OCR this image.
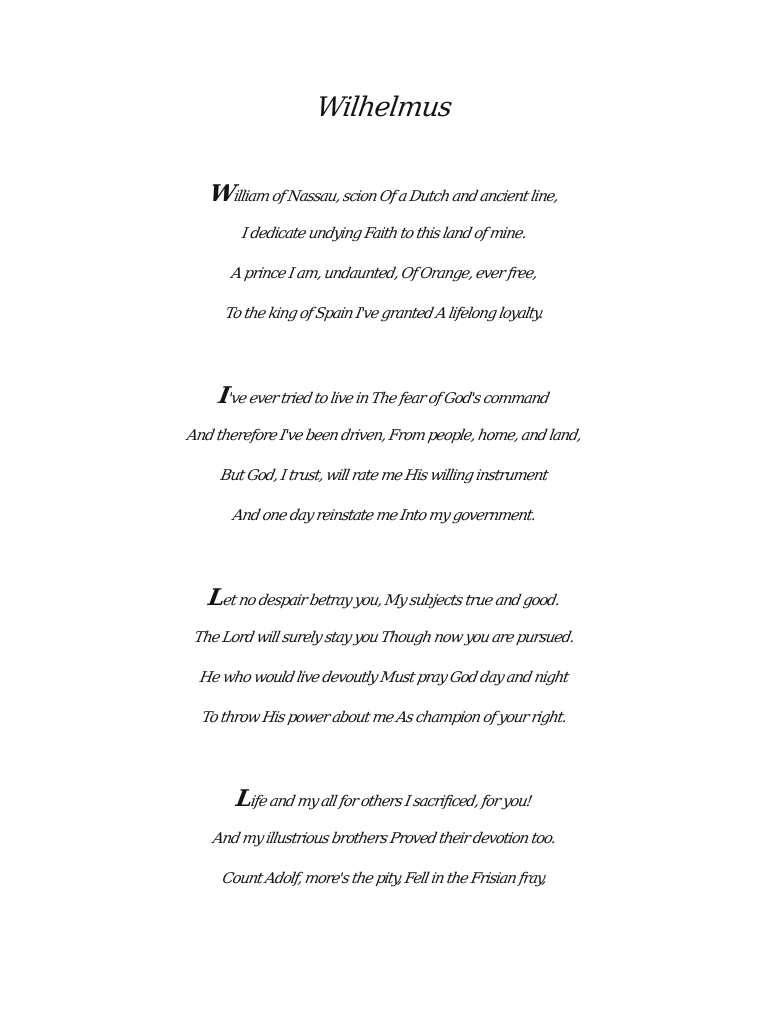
Wilhelmus
William of Nassau, scion Of a Dutch and ancient line,
I dedicate undying Faith to this land of mine.
A prince I am, undaunted, Of Orange, ever free,
To the king of Spain I've granted A lifelong loyalty.
I've ever tried to live in The fear of God's command
And therefore I've been driven, From people, home, and land,
But God, I trust, will rate me His willing instrument
And one day reinstate me Into my government.
Let no despair betray you, My subjects true and good.
The Lord will surely stay you Though now you are pursued.
He who would live devoutly Must pray God day and night
To throw His power about me As champion of your right.
Life and my all for others I sacrificed, for you!
And my illustrious brothers Proved their devotion too.
Count Adolf, more's the pity, Fell in the Frisian fray,
